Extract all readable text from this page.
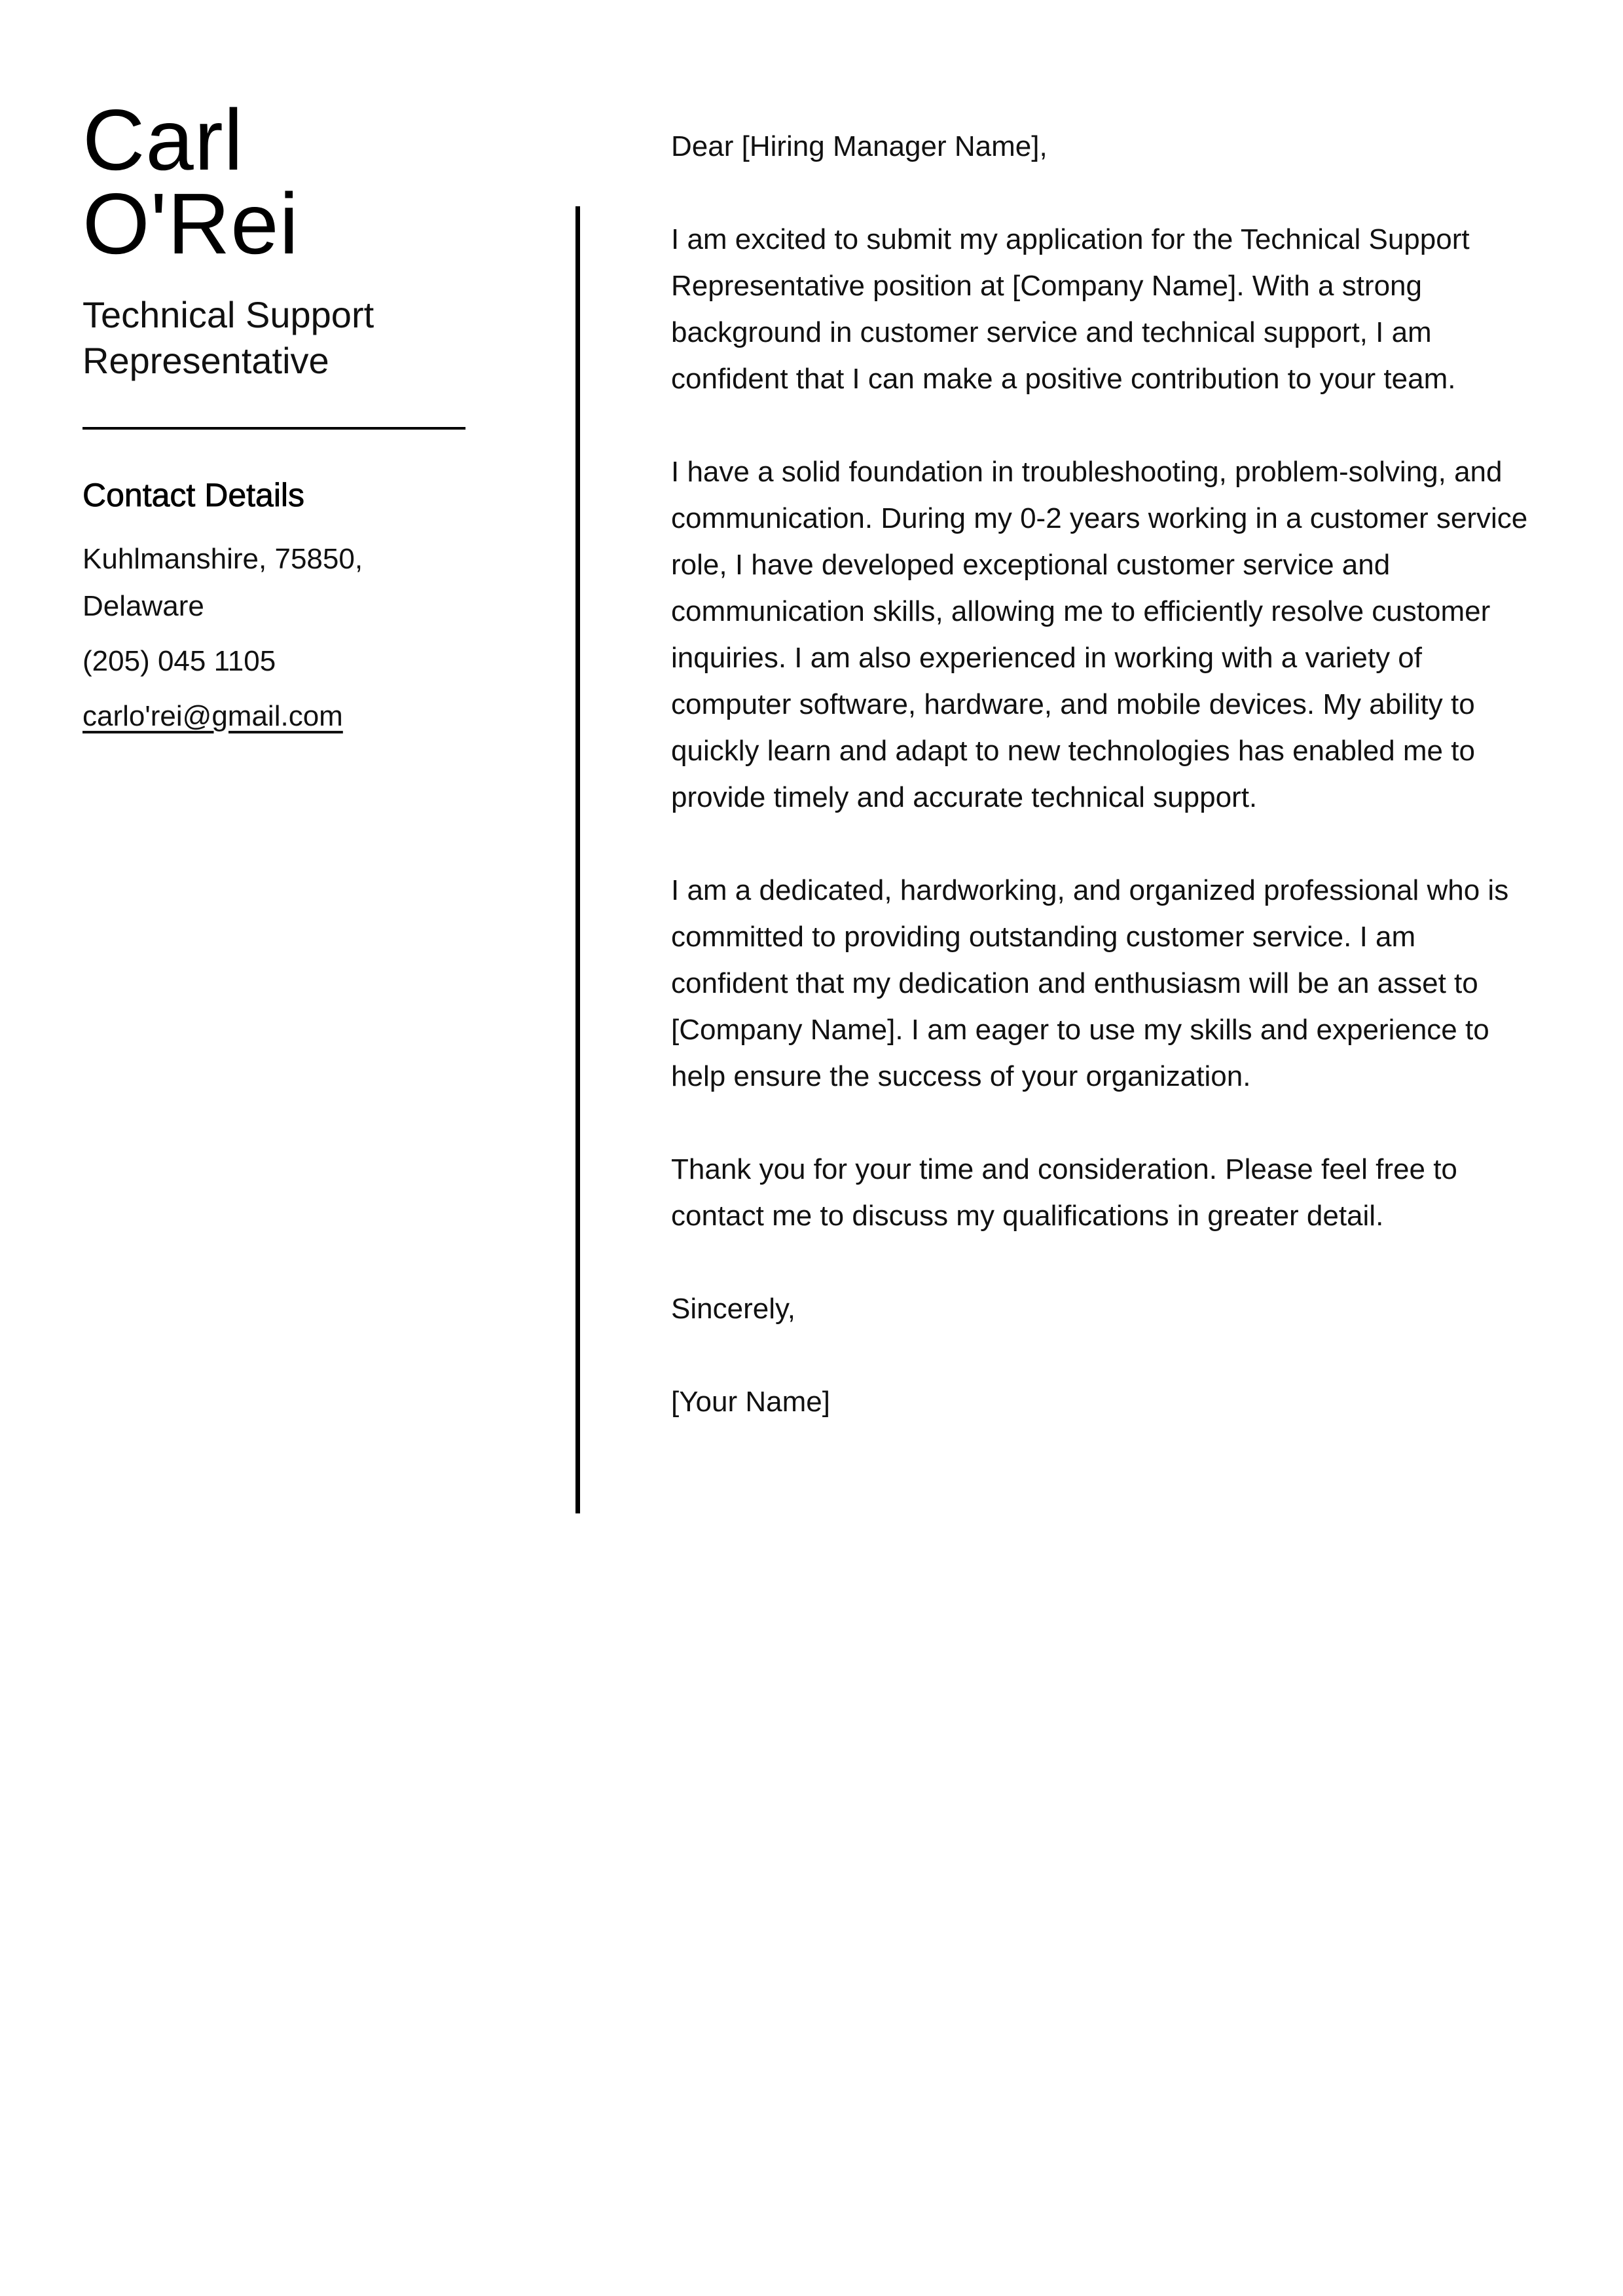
Carl
O'Rei
Technical Support Representative
Contact Details
Kuhlmanshire, 75850, Delaware
(205) 045 1105
carlo'rei@gmail.com

Dear [Hiring Manager Name],

I am excited to submit my application for the Technical Support Representative position at [Company Name]. With a strong background in customer service and technical support, I am confident that I can make a positive contribution to your team.

I have a solid foundation in troubleshooting, problem-solving, and communication. During my 0-2 years working in a customer service role, I have developed exceptional customer service and communication skills, allowing me to efficiently resolve customer inquiries. I am also experienced in working with a variety of computer software, hardware, and mobile devices. My ability to quickly learn and adapt to new technologies has enabled me to provide timely and accurate technical support.

I am a dedicated, hardworking, and organized professional who is committed to providing outstanding customer service. I am confident that my dedication and enthusiasm will be an asset to [Company Name]. I am eager to use my skills and experience to help ensure the success of your organization.

Thank you for your time and consideration. Please feel free to contact me to discuss my qualifications in greater detail.

Sincerely,

[Your Name]
